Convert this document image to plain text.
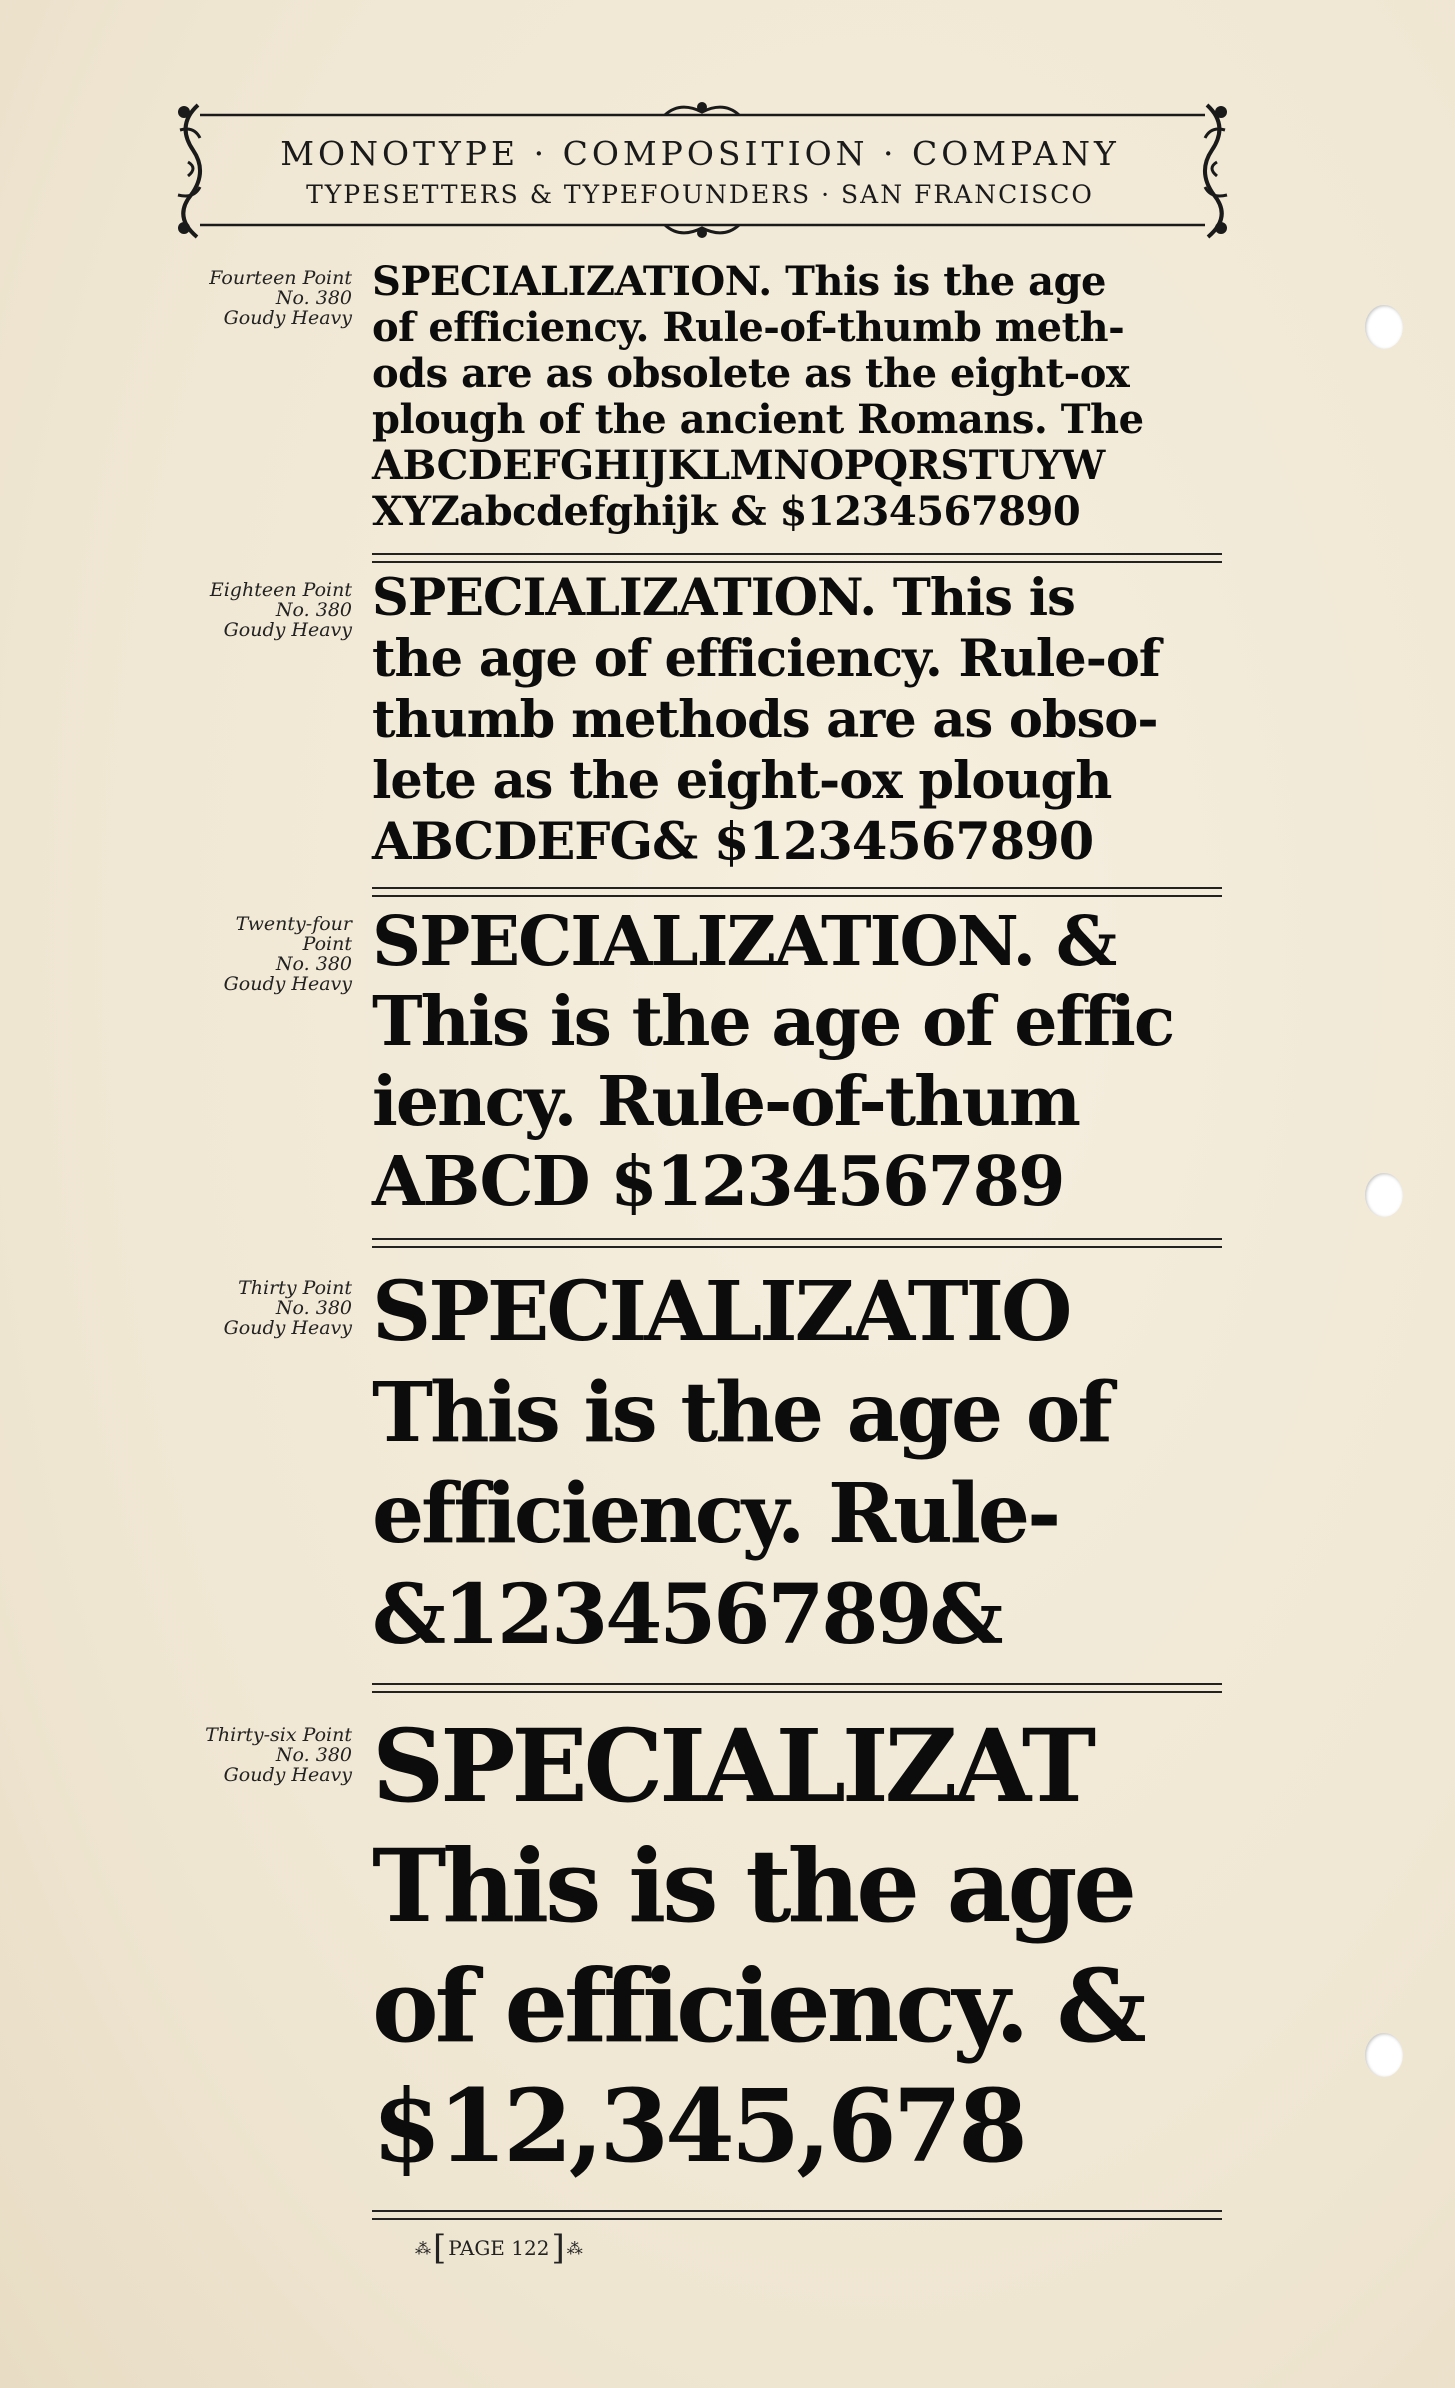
MONOTYPE · COMPOSITION · COMPANY
TYPESETTERS & TYPEFOUNDERS · SAN FRANCISCO
Fourteen Point
No. 380
Goudy Heavy
SPECIALIZATION. This is the age
of efficiency. Rule-of-thumb meth-
ods are as obsolete as the eight-ox
plough of the ancient Romans. The
ABCDEFGHIJKLMNOPQRSTUYW
XYZabcdefghijk & $1234567890
Eighteen Point
No. 380
Goudy Heavy
SPECIALIZATION. This is
the age of efficiency. Rule-of
thumb methods are as obso-
lete as the eight-ox plough
ABCDEFG& $1234567890
Twenty-four
Point
No. 380
Goudy Heavy
SPECIALIZATION. &
This is the age of effic
iency. Rule-of-thum
ABCD $123456789
Thirty Point
No. 380
Goudy Heavy SPECIALIZATIO
This is the age of
efficiency. Rule-
&123456789&
Thirty-six Point
No. 380
Goudy Heavy SPECIALIZAT
This is the age
of efficiency. &
$12,345,678
⁂ [ PAGE 122 ] ⁂
